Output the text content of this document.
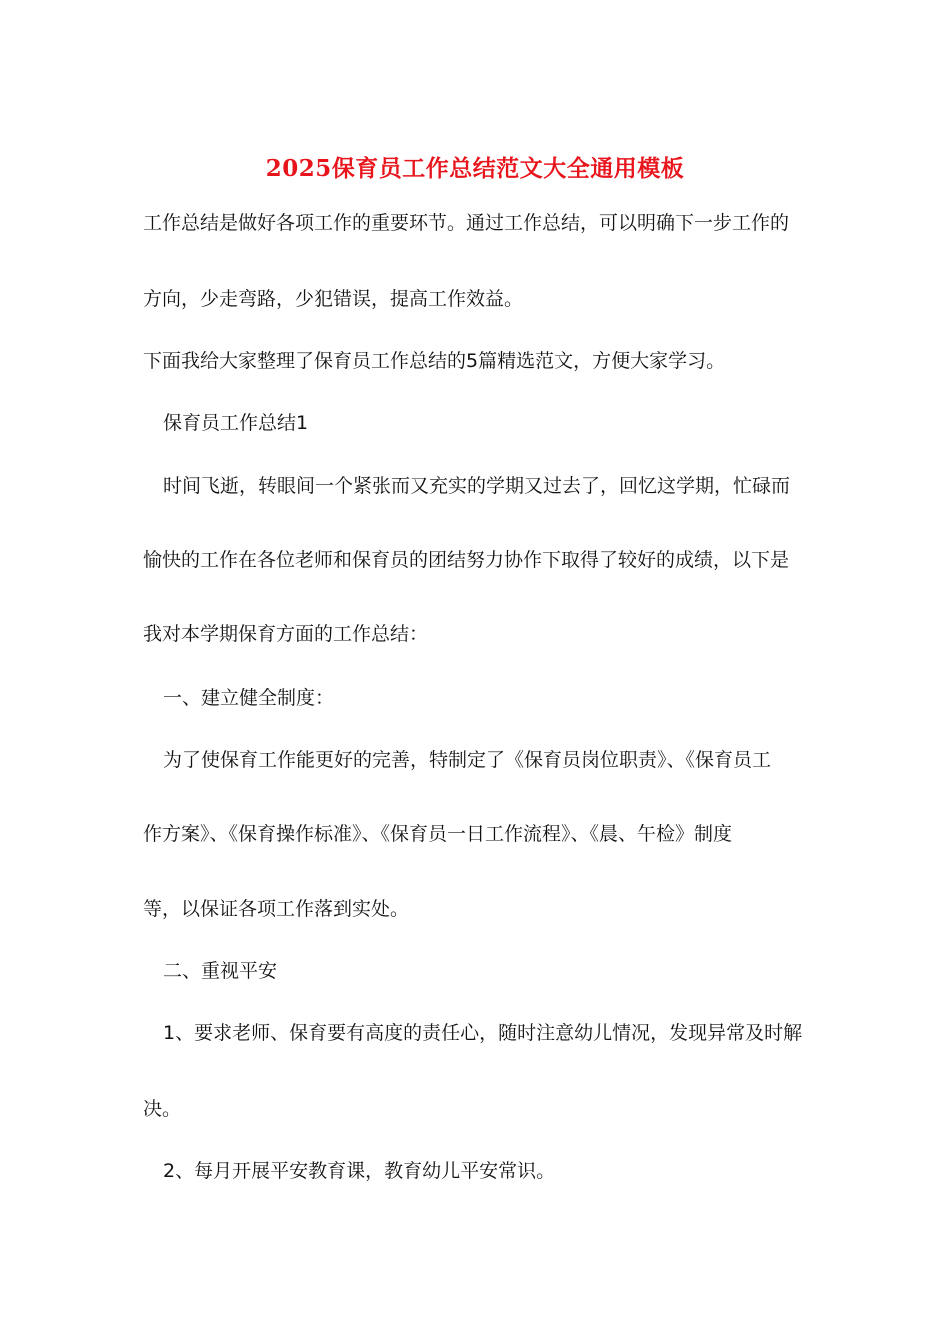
2025保育员工作总结范文大全通用模板
工作总结是做好各项工作的重要环节。通过工作总结，可以明确下一步工作的
方向，少走弯路，少犯错误，提高工作效益。
下面我给大家整理了保育员工作总结的5篇精选范文，方便大家学习。
保育员工作总结1
时间飞逝，转眼间一个紧张而又充实的学期又过去了，回忆这学期，忙碌而
愉快的工作在各位老师和保育员的团结努力协作下取得了较好的成绩，以下是
我对本学期保育方面的工作总结：
一、建立健全制度：
为了使保育工作能更好的完善，特制定了《保育员岗位职责》、《保育员工
作方案》、《保育操作标准》、《保育员一日工作流程》、《晨、午检》制度
等，以保证各项工作落到实处。
二、重视平安
1、要求老师、保育要有高度的责任心，随时注意幼儿情况，发现异常及时解
决。
2、每月开展平安教育课，教育幼儿平安常识。
